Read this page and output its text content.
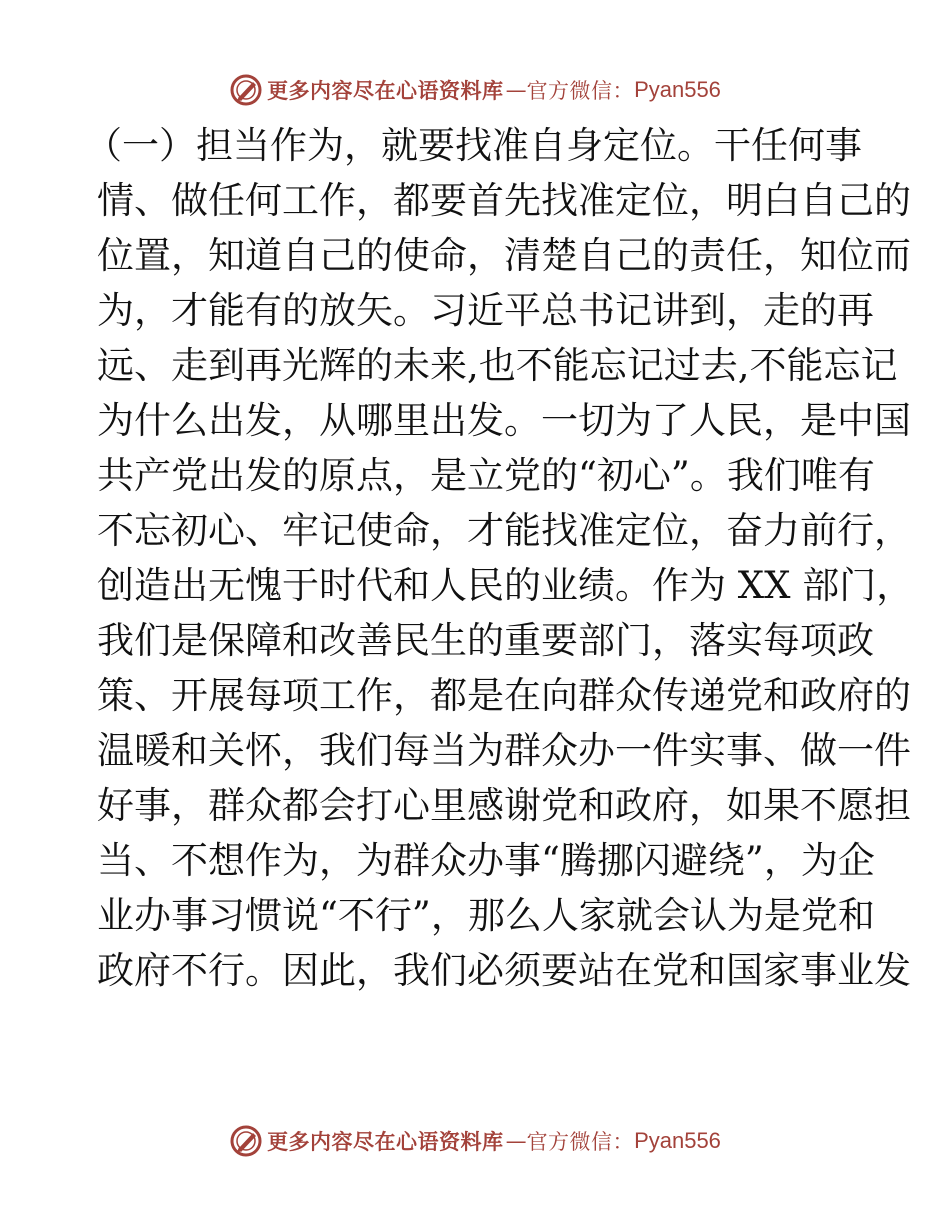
更多内容尽在心语资料库 — 官方微信： Pyan556
（一）担当作为，就要找准自身定位。干任何事
情、做任何工作，都要首先找准定位，明白自己的
位置，知道自己的使命，清楚自己的责任，知位而
为，才能有的放矢。习近平总书记讲到，走的再
远、走到再光辉的未来,也不能忘记过去,不能忘记
为什么出发，从哪里出发。一切为了人民，是中国
共产党出发的原点，是立党的“初心”。我们唯有
不忘初心、牢记使命，才能找准定位，奋力前行，
创造出无愧于时代和人民的业绩。作为 XX 部门，
我们是保障和改善民生的重要部门，落实每项政
策、开展每项工作，都是在向群众传递党和政府的
温暖和关怀，我们每当为群众办一件实事、做一件
好事，群众都会打心里感谢党和政府，如果不愿担
当、不想作为，为群众办事“腾挪闪避绕”，为企
业办事习惯说“不行”，那么人家就会认为是党和
政府不行。因此，我们必须要站在党和国家事业发
更多内容尽在心语资料库 — 官方微信： Pyan556
